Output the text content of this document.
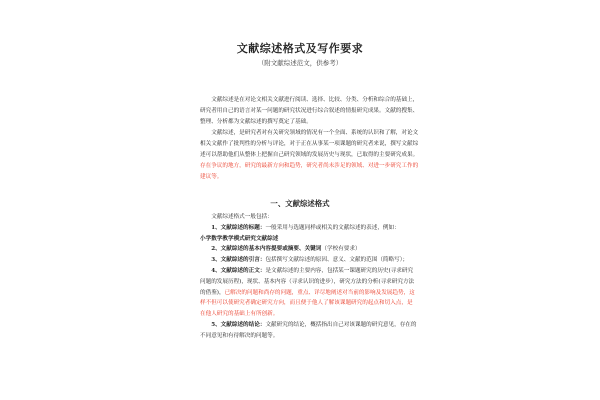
文献综述格式及写作要求
（附文献综述范文，供参考）

文献综述是在对论文相关文献进行阅读、选择、比较、分类、分析和综合的基础上，研究者用自己的语言对某一问题的研究状况进行综合叙述的情报研究成果。文献的搜集、整理、分析都为文献综述的撰写奠定了基础。

文献综述，是研究者对有关研究领域的情况有一个全面、系统的认识和了解，对论文相关文献作了批判性的分析与评论，对于正在从事某一项课题的研究者来说，撰写文献综述可以帮助他们从整体上把握自己研究领域的发展历史与现状，已取得的主要研究成果。存在争议的地方，研究的最新方向和趋势，研究者尚未涉足的领域、对进一步研究工作的建议等。

一、文献综述格式

文献综述格式一般包括：

1、文献综述的标题：一般采用与选题同样或相关的文献综述的表述，例如：

小学数学教学模式研究文献综述

2、文献综述的基本内容提要或摘要、关键词（学校有要求）

3、文献综述的引言：包括撰写文献综述的原因、意义、文献的范围（简略写）；

4、文献综述的正文：是文献综述的主要内容，包括某一课题研究的历史(寻求研究问题的发展历程)，现状、基本内容（寻求认识的进步），研究方法的分析(寻求研究方法的借鉴)，已解决的问题和尚存的问题，重点、详尽地阐述对当前的影响及发展趋势，这样不但可以使研究者确定研究方向，而且便于他人了解该课题研究的起点和切入点，是在他人研究的基础上有所创新。

5、文献综述的结论：文献研究的结论，概括指出自己对该课题的研究意见，存在的不同意见和有待解决的问题等。
